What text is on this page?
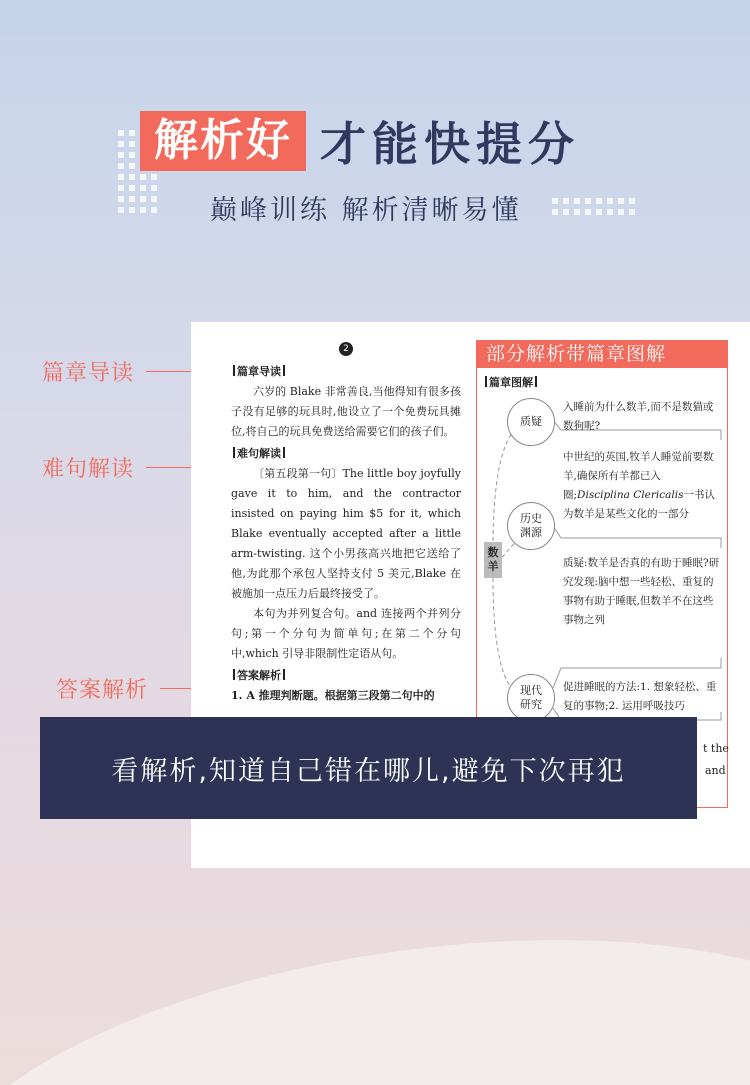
解析好 才能快提分
巅峰训练 解析清晰易懂
篇章导读
难句解读
答案解析
2
篇章导读

六岁的 Blake 非常善良,当他得知有很多孩子没有足够的玩具时,他设立了一个免费玩具摊位,将自己的玩具免费送给需要它们的孩子们。

难句解读

〔第五段第一句〕The little boy joyfully gave it to him, and the contractor insisted on paying him $5 for it, which Blake eventually accepted after a little arm-twisting. 这个小男孩高兴地把它送给了他,为此那个承包人坚持支付 5 美元,Blake 在被施加一点压力后最终接受了。

本句为并列复合句。and 连接两个并列分句;第一个分句为简单句;在第二个分句中,which 引导非限制性定语从句。

答案解析

1. A 推理判断题。根据第三段第二句中的

部分解析带篇章图解
篇章图解
数羊
质疑
历史渊源
现代研究
入睡前为什么数羊,而不是数猫或数狗呢?
中世纪的英国,牧羊人睡觉前要数羊,确保所有羊都已入圈;Disciplina Clericalis一书认为数羊是某些文化的一部分
质疑:数羊是否真的有助于睡眠?研究发现:脑中想一些轻松、重复的事物有助于睡眠,但数羊不在这些事物之列
促进睡眠的方法:1. 想象轻松、重复的事物;2. 运用呼吸技巧
t the
and
看解析,知道自己错在哪儿,避免下次再犯
